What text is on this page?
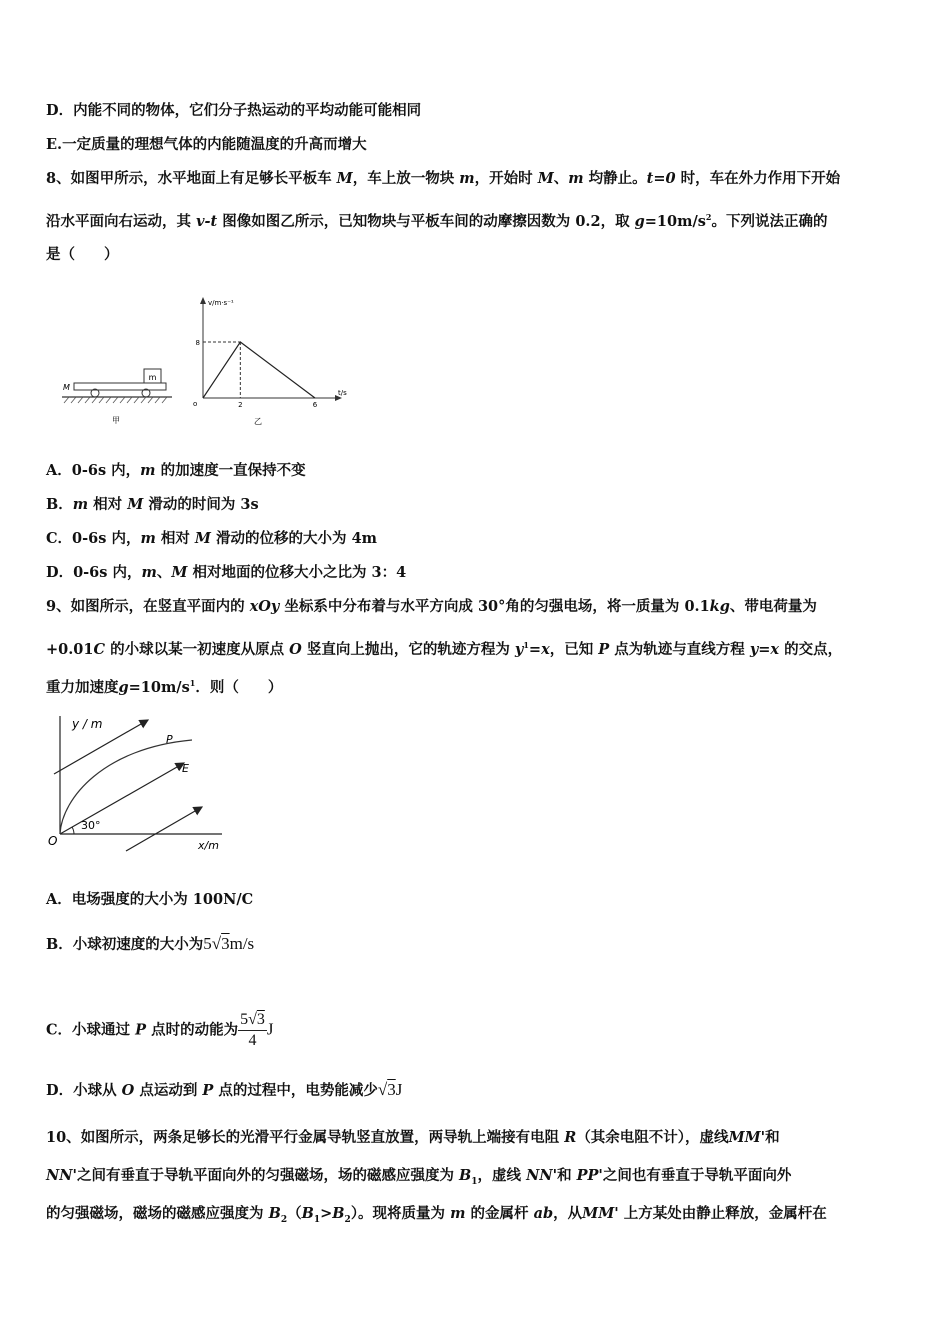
D．内能不同的物体，它们分子热运动的平均动能可能相同
E.一定质量的理想气体的内能随温度的升高而增大
8、如图甲所示，水平地面上有足够长平板车 M，车上放一物块 m，开始时 M、m 均静止。t=0 时，车在外力作用下开始
沿水平面向右运动，其 v-t 图像如图乙所示，已知物块与平板车间的动摩擦因数为 0.2，取 $g=10m/s^2$。下列说法正确的
是（　　）
m
M
甲
v/m·s⁻¹
t/s
o
8
2	6
乙
A．0-6s 内，m 的加速度一直保持不变
B．m 相对 M 滑动的时间为 3s
C．0-6s 内，m 相对 M 滑动的位移的大小为 4m
D．0-6s 内，m、M 相对地面的位移大小之比为 3：4
9、如图所示，在竖直平面内的 xOy 坐标系中分布着与水平方向成 30°角的匀强电场，将一质量为 0.1kg、带电荷量为
+0.01C 的小球以某一初速度从原点 O 竖直向上抛出，它的轨迹方程为 $y^1=x$，已知 P 点为轨迹与直线方程 y=x 的交点，
重力加速度$g=10m/s^1$．则（　　）
y / m
x/m
O
30°
P
E
A．电场强度的大小为 100N/C
B．小球初速度的大小为5√3m/s
C．小球通过 P 点时的动能为 $\frac{5√3}{4}$ J
D．小球从 O 点运动到 P 点的过程中，电势能减少√3J
10、如图所示，两条足够长的光滑平行金属导轨竖直放置，两导轨上端接有电阻 R（其余电阻不计），虚线MM'和
NN'之间有垂直于导轨平面向外的匀强磁场，场的磁感应强度为 $B_1$，虚线 NN'和 PP'之间也有垂直于导轨平面向外
的匀强磁场，磁场的磁感应强度为 $B_2(B_1>B_2)$。现将质量为 m 的金属杆 ab，从MM' 上方某处由静止释放，金属杆在
